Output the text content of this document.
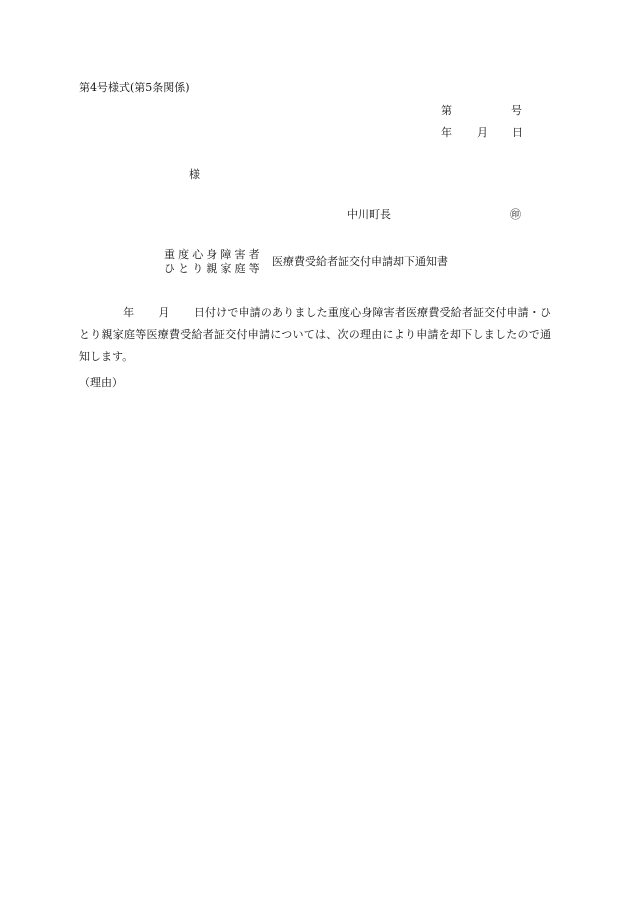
第4号様式(第5条関係)
第	号
年 月 日
様
中川町長	㊞
重度心身障害者
ひとり親家庭等
医療費受給者証交付申請却下通知書
年 月 日付けで申請のありました重度心身障害者医療費受給者証交付申請・ひとり親家庭等医療費受給者証交付申請については、次の理由により申請を却下しましたので通知します。
（理由）
